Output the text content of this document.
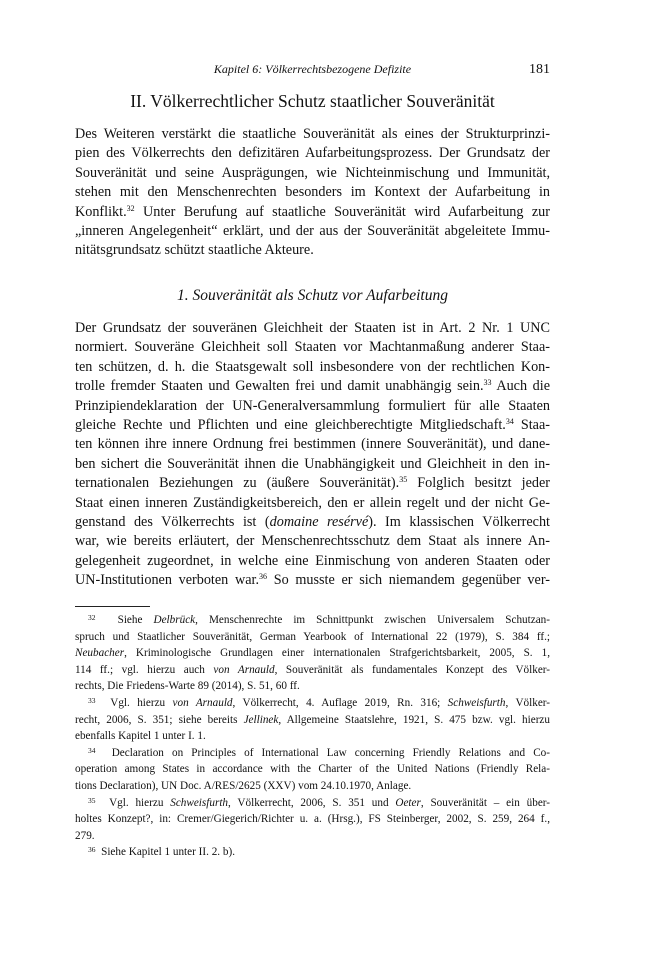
Kapitel 6: Völkerrechtsbezogene Defizite	181
II. Völkerrechtlicher Schutz staatlicher Souveränität
Des Weiteren verstärkt die staatliche Souveränität als eines der Strukturprinzi-
pien des Völkerrechts den defizitären Aufarbeitungsprozess. Der Grundsatz der
Souveränität und seine Ausprägungen, wie Nichteinmischung und Immunität,
stehen mit den Menschenrechten besonders im Kontext der Aufarbeitung in
Konflikt.$^{32}$ Unter Berufung auf staatliche Souveränität wird Aufarbeitung zur
„inneren Angelegenheit“ erklärt, und der aus der Souveränität abgeleitete Immu-
nitätsgrundsatz schützt staatliche Akteure.
1. Souveränität als Schutz vor Aufarbeitung
Der Grundsatz der souveränen Gleichheit der Staaten ist in Art. 2 Nr. 1 UNC
normiert. Souveräne Gleichheit soll Staaten vor Machtanmaßung anderer Staa-
ten schützen, d. h. die Staatsgewalt soll insbesondere von der rechtlichen Kon-
trolle fremder Staaten und Gewalten frei und damit unabhängig sein.$^{33}$ Auch die
Prinzipiendeklaration der UN-Generalversammlung formuliert für alle Staaten
gleiche Rechte und Pflichten und eine gleichberechtigte Mitgliedschaft.$^{34}$ Staa-
ten können ihre innere Ordnung frei bestimmen (innere Souveränität), und dane-
ben sichert die Souveränität ihnen die Unabhängigkeit und Gleichheit in den in-
ternationalen Beziehungen zu (äußere Souveränität).$^{35}$ Folglich besitzt jeder
Staat einen inneren Zuständigkeitsbereich, den er allein regelt und der nicht Ge-
genstand des Völkerrechts ist (domaine resérvé). Im klassischen Völkerrecht
war, wie bereits erläutert, der Menschenrechtsschutz dem Staat als innere An-
gelegenheit zugeordnet, in welche eine Einmischung von anderen Staaten oder
UN-Institutionen verboten war.$^{36}$ So musste er sich niemandem gegenüber ver-
$^{32}$ Siehe Delbrück, Menschenrechte im Schnittpunkt zwischen Universalem Schutzan-
spruch und Staatlicher Souveränität, German Yearbook of International 22 (1979), S. 384 ff.;
Neubacher, Kriminologische Grundlagen einer internationalen Strafgerichtsbarkeit, 2005, S. 1,
114 ff.; vgl. hierzu auch von Arnauld, Souveränität als fundamentales Konzept des Völker-
rechts, Die Friedens-Warte 89 (2014), S. 51, 60 ff.
$^{33}$ Vgl. hierzu von Arnauld, Völkerrecht, 4. Auflage 2019, Rn. 316; Schweisfurth, Völker-
recht, 2006, S. 351; siehe bereits Jellinek, Allgemeine Staatslehre, 1921, S. 475 bzw. vgl. hierzu
ebenfalls Kapitel 1 unter I. 1.
$^{34}$ Declaration on Principles of International Law concerning Friendly Relations and Co-
operation among States in accordance with the Charter of the United Nations (Friendly Rela-
tions Declaration), UN Doc. A/RES/2625 (XXV) vom 24.10.1970, Anlage.
$^{35}$ Vgl. hierzu Schweisfurth, Völkerrecht, 2006, S. 351 und Oeter, Souveränität – ein über-
holtes Konzept?, in: Cremer/Giegerich/Richter u. a. (Hrsg.), FS Steinberger, 2002, S. 259, 264 f.,
279.
$^{36}$ Siehe Kapitel 1 unter II. 2. b).
